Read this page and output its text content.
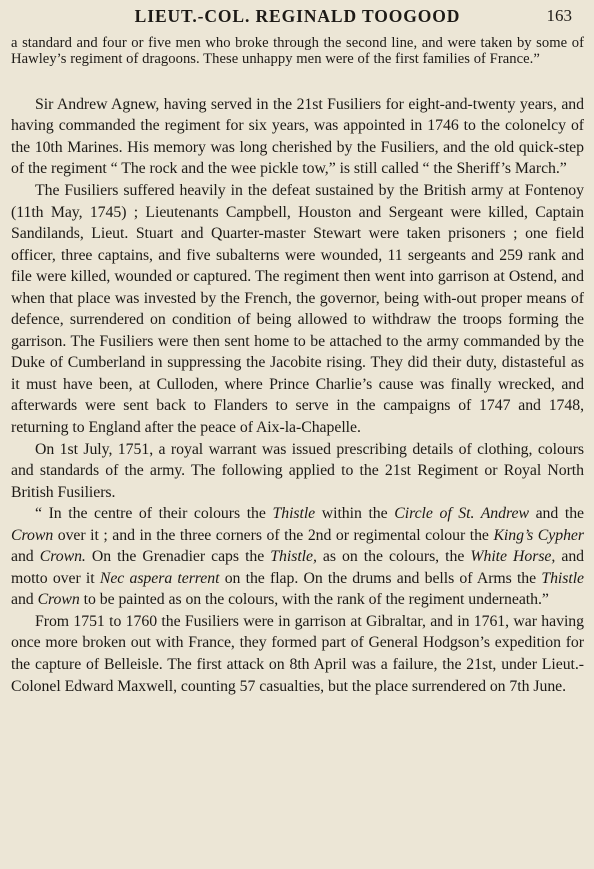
LIEUT.-COL. REGINALD TOOGOOD	163

a standard and four or five men who broke through the second line, and were taken by some of Hawley’s regiment of dragoons. These unhappy men were of the first families of France.”

Sir Andrew Agnew, having served in the 21st Fusiliers for eight-and-twenty years, and having commanded the regiment for six years, was appointed in 1746 to the colonelcy of the 10th Marines. His memory was long cherished by the Fusiliers, and the old quick-step of the regiment “ The rock and the wee pickle tow,” is still called “ the Sheriff’s March.”

The Fusiliers suffered heavily in the defeat sustained by the British army at Fontenoy (11th May, 1745) ; Lieutenants Campbell, Houston and Sergeant were killed, Captain Sandilands, Lieut. Stuart and Quarter-master Stewart were taken prisoners ; one field officer, three captains, and five subalterns were wounded, 11 sergeants and 259 rank and file were killed, wounded or captured. The regiment then went into garrison at Ostend, and when that place was invested by the French, the governor, being with-out proper means of defence, surrendered on condition of being allowed to withdraw the troops forming the garrison. The Fusiliers were then sent home to be attached to the army commanded by the Duke of Cumberland in suppressing the Jacobite rising. They did their duty, distasteful as it must have been, at Culloden, where Prince Charlie’s cause was finally wrecked, and afterwards were sent back to Flanders to serve in the campaigns of 1747 and 1748, returning to England after the peace of Aix-la-Chapelle.

On 1st July, 1751, a royal warrant was issued prescribing details of clothing, colours and standards of the army. The following applied to the 21st Regiment or Royal North British Fusiliers.

“ In the centre of their colours the Thistle within the Circle of St. Andrew and the Crown over it ; and in the three corners of the 2nd or regimental colour the King’s Cypher and Crown. On the Grenadier caps the Thistle, as on the colours, the White Horse, and motto over it Nec aspera terrent on the flap. On the drums and bells of Arms the Thistle and Crown to be painted as on the colours, with the rank of the regiment underneath.”

From 1751 to 1760 the Fusiliers were in garrison at Gibraltar, and in 1761, war having once more broken out with France, they formed part of General Hodgson’s expedition for the capture of Belleisle. The first attack on 8th April was a failure, the 21st, under Lieut.-Colonel Edward Maxwell, counting 57 casualties, but the place surrendered on 7th June.
